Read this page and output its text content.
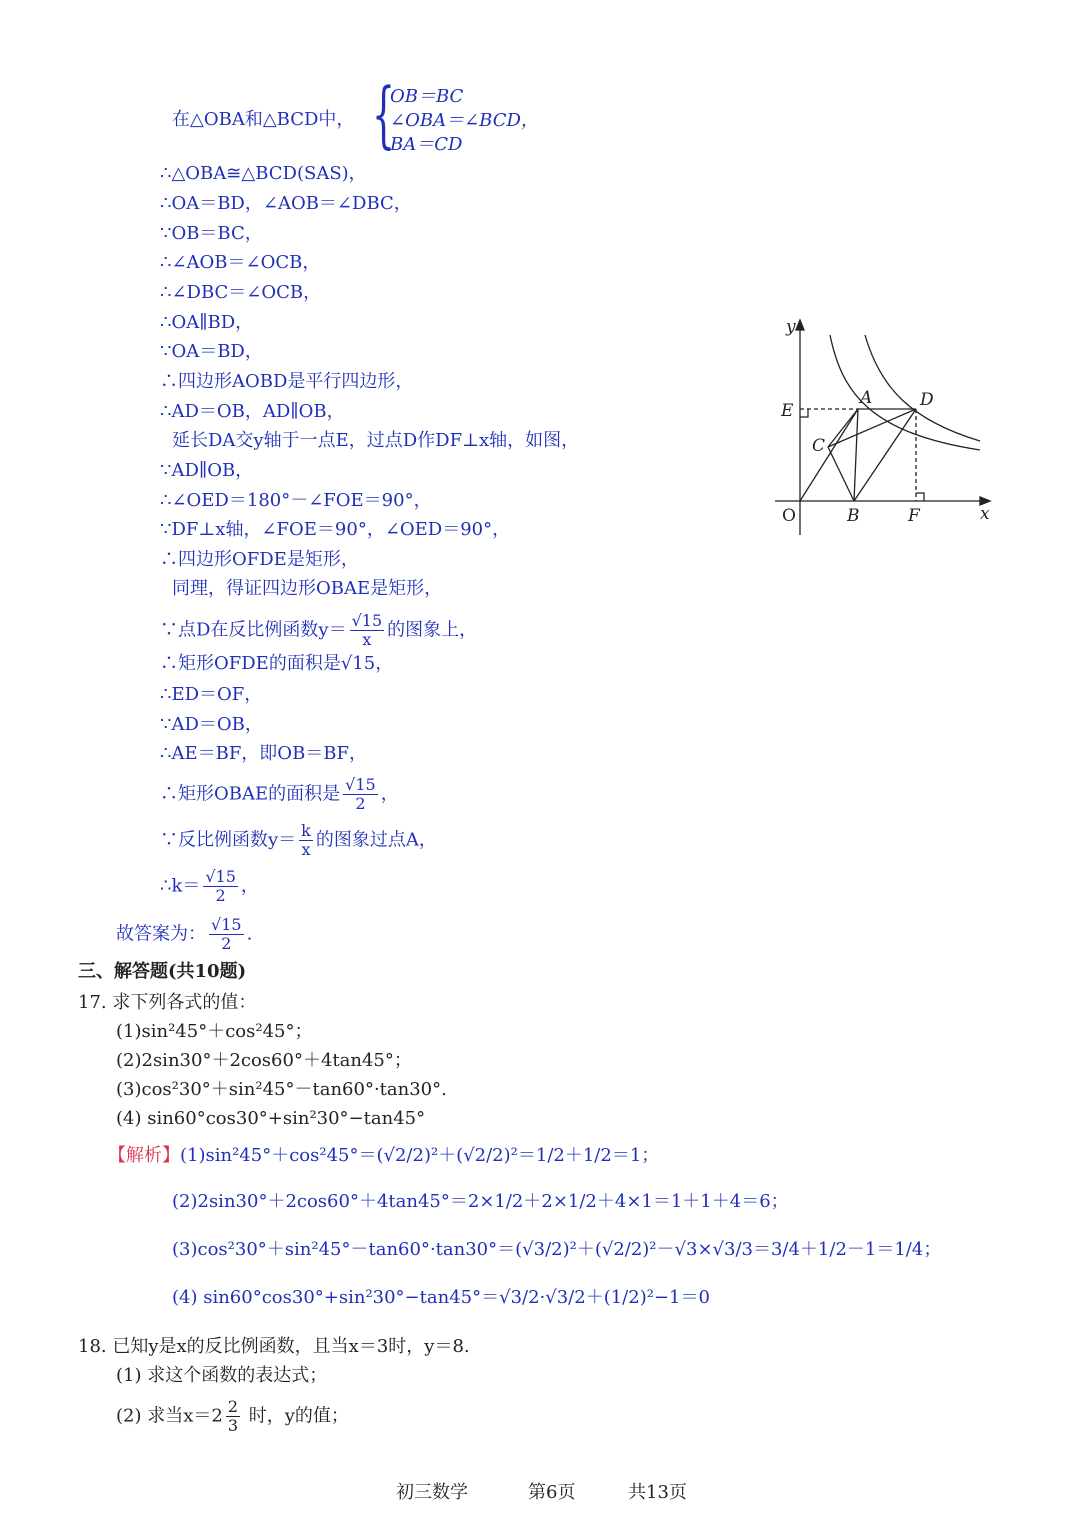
在△OBA和△BCD中， {
OB＝BC
∠OBA＝∠BCD，
BA＝CD
∴△OBA≅△BCD(SAS)，
∴OA＝BD，∠AOB＝∠DBC，
∵OB＝BC，
∴∠AOB＝∠OCB，
∴∠DBC＝∠OCB，
∴OA∥BD，
∵OA＝BD，
∴四边形AOBD是平行四边形，
∴AD＝OB，AD∥OB，
延长DA交y轴于一点E，过点D作DF⊥x轴，如图，
∵AD∥OB，
∴∠OED＝180°－∠FOE＝90°，
∵DF⊥x轴，∠FOE＝90°，∠OED＝90°，
∴四边形OFDE是矩形，
同理，得证四边形OBAE是矩形，
∵点D在反比例函数$y= \frac{√15}{x}$ 的图象上，
∴矩形OFDE的面积是√15，
∴ED＝OF，
∵AD＝OB，
∴AE＝BF，即OB＝BF，
∴矩形OBAE的面积是 $\frac{√15}{2}$ ，
∵反比例函数$y= \frac{k}{x}$ 的图象过点A，
∴k＝ $\frac{√15}{2}$ ，
故答案为： $\frac{√15}{2}$ .
y
x
O	B	F
E
A
C
D
三、解答题(共10题)
17. 求下列各式的值：
(1)sin²45°＋cos²45°；
(2)2sin30°＋2cos60°＋4tan45°；
(3)cos²30°＋sin²45°－tan60°·tan30°.
(4) sin60°cos30°+sin²30°−tan45°
【解析】(1)sin²45°＋cos²45°＝(√2/2)²＋(√2/2)²＝1/2＋1/2＝1；
(2)2sin30°＋2cos60°＋4tan45°＝2×1/2＋2×1/2＋4×1＝1＋1＋4＝6；
(3)cos²30°＋sin²45°－tan60°·tan30°＝(√3/2)²＋(√2/2)²－√3×√3/3＝3/4＋1/2－1＝1/4；
(4) sin60°cos30°+sin²30°−tan45°＝√3/2·√3/2＋(1/2)²−1＝0
18. 已知y是x的反比例函数，且当x＝3时，y＝8.
(1) 求这个函数的表达式；
(2) 求当$x=2 \frac{2}{3}$ 时，y的值；
初三数学	第6页	共13页
